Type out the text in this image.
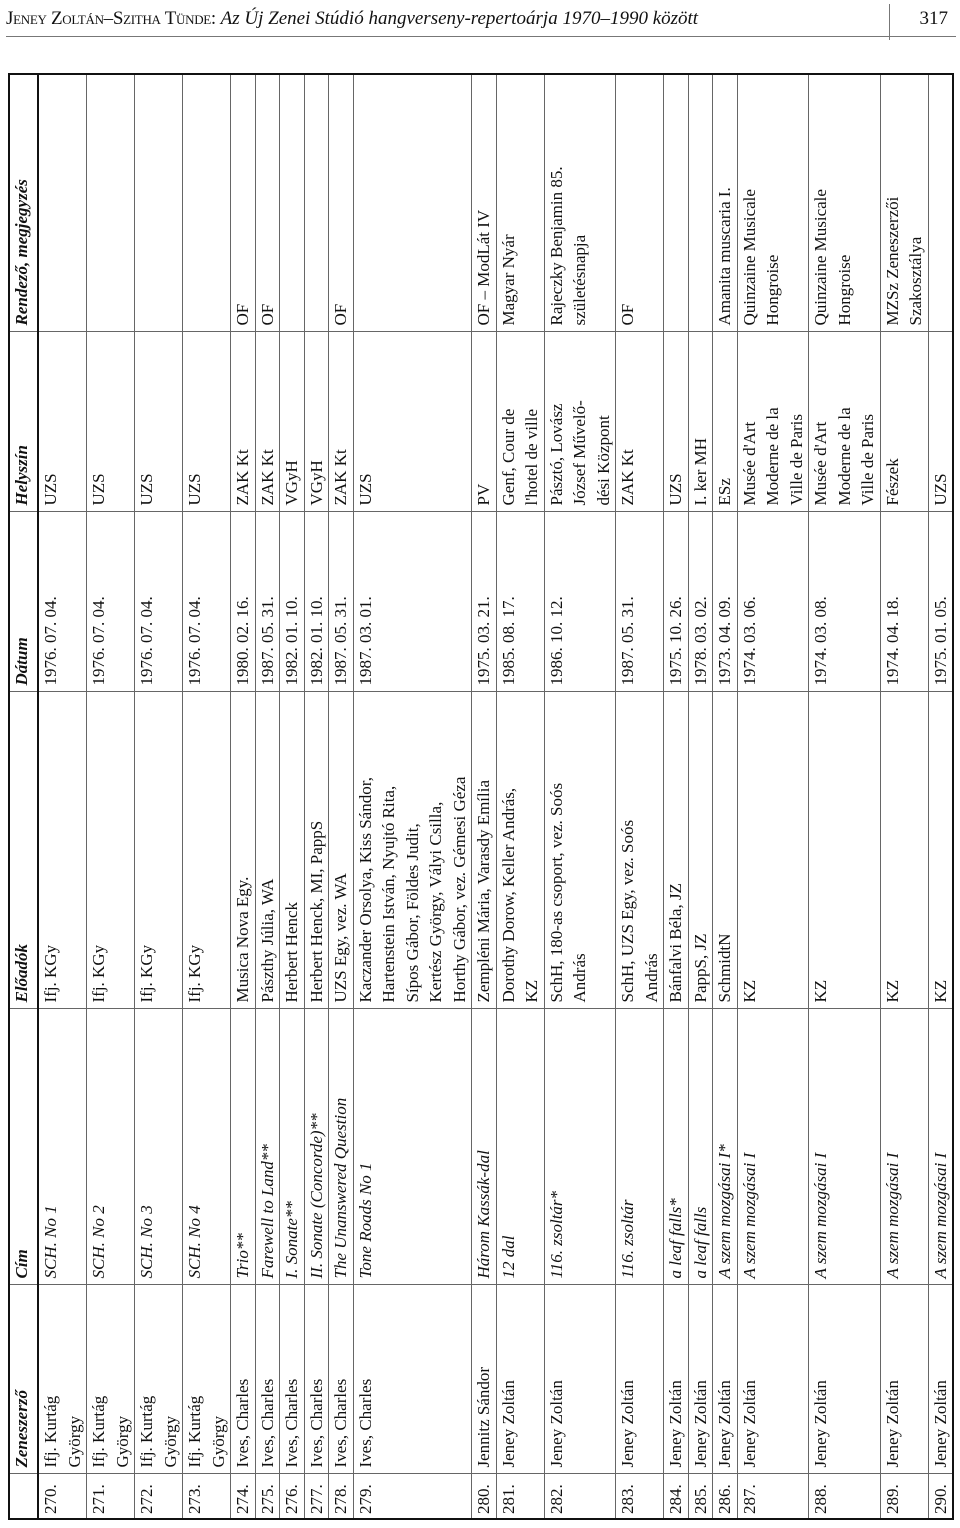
Jeney Zoltán–Szitha Tünde: Az Új Zenei Stúdió hangverseny-repertoárja 1970–1990 között	317
	Zeneszerző	Cím	Előadók	Dátum	Helyszín	Rendező, megjegyzés
270.	Ifj. Kurtág
György	SCH. No 1	Ifj. KGy	1976. 07. 04.	UZS	
271.	Ifj. Kurtág
György	SCH. No 2	Ifj. KGy	1976. 07. 04.	UZS	
272.	Ifj. Kurtág
György	SCH. No 3	Ifj. KGy	1976. 07. 04.	UZS	
273.	Ifj. Kurtág
György	SCH. No 4	Ifj. KGy	1976. 07. 04.	UZS	
274.	Ives, Charles	Trio**	Musica Nova Egy.	1980. 02. 16.	ZAK Kt	OF
275.	Ives, Charles	Farewell to Land**	Pászthy Júlia, WA	1987. 05. 31.	ZAK Kt	OF
276.	Ives, Charles	I. Sonate**	Herbert Henck	1982. 01. 10.	VGyH	
277.	Ives, Charles	II. Sonate (Concorde)**	Herbert Henck, MI, PappS	1982. 01. 10.	VGyH	
278.	Ives, Charles	The Unanswered Question	UZS Egy, vez. WA	1987. 05. 31.	ZAK Kt	OF
279.	Ives, Charles	Tone Roads No 1	Kaczander Orsolya, Kiss Sándor,
Hartenstein István, Nyujtó Rita,
Sípos Gábor, Földes Judit,
Kertész György, Vályi Csilla,
Horthy Gábor, vez. Gémesi Géza	1987. 03. 01.	UZS	
280.	Jennitz Sándor	Három Kassák-dal	Zempléni Mária, Varasdy Emília	1975. 03. 21.	PV	OF – ModLát IV
281.	Jeney Zoltán	12 dal	Dorothy Dorow, Keller András,
KZ	1985. 08. 17.	Genf, Cour de
l'hotel de ville	Magyar Nyár
282.	Jeney Zoltán	116. zsoltár*	SchH, 180-as csoport, vez. Soós
András	1986. 10. 12.	Pásztó, Lovász
József Művelő-
dési Központ	Rajeczky Benjamin 85.
születésnapja
283.	Jeney Zoltán	116. zsoltár	SchH, UZS Egy, vez. Soós
András	1987. 05. 31.	ZAK Kt	OF
284.	Jeney Zoltán	a leaf falls*	Bánfalvi Béla, JZ	1975. 10. 26.	UZS	
285.	Jeney Zoltán	a leaf falls	PappS, JZ	1978. 03. 02.	I. ker MH	
286.	Jeney Zoltán	A szem mozgásai I*	SchmidtN	1973. 04. 09.	ESz	Amanita muscaria I.
287.	Jeney Zoltán	A szem mozgásai I	KZ	1974. 03. 06.	Musée d'Art
Moderne de la
Ville de Paris	Quinzaine Musicale
Hongroise
288.	Jeney Zoltán	A szem mozgásai I	KZ	1974. 03. 08.	Musée d'Art
Moderne de la
Ville de Paris	Quinzaine Musicale
Hongroise
289.	Jeney Zoltán	A szem mozgásai I	KZ	1974. 04. 18.	Fészek	MZSz Zeneszerzői
Szakosztálya
290.	Jeney Zoltán	A szem mozgásai I	KZ	1975. 01. 05.	UZS	
